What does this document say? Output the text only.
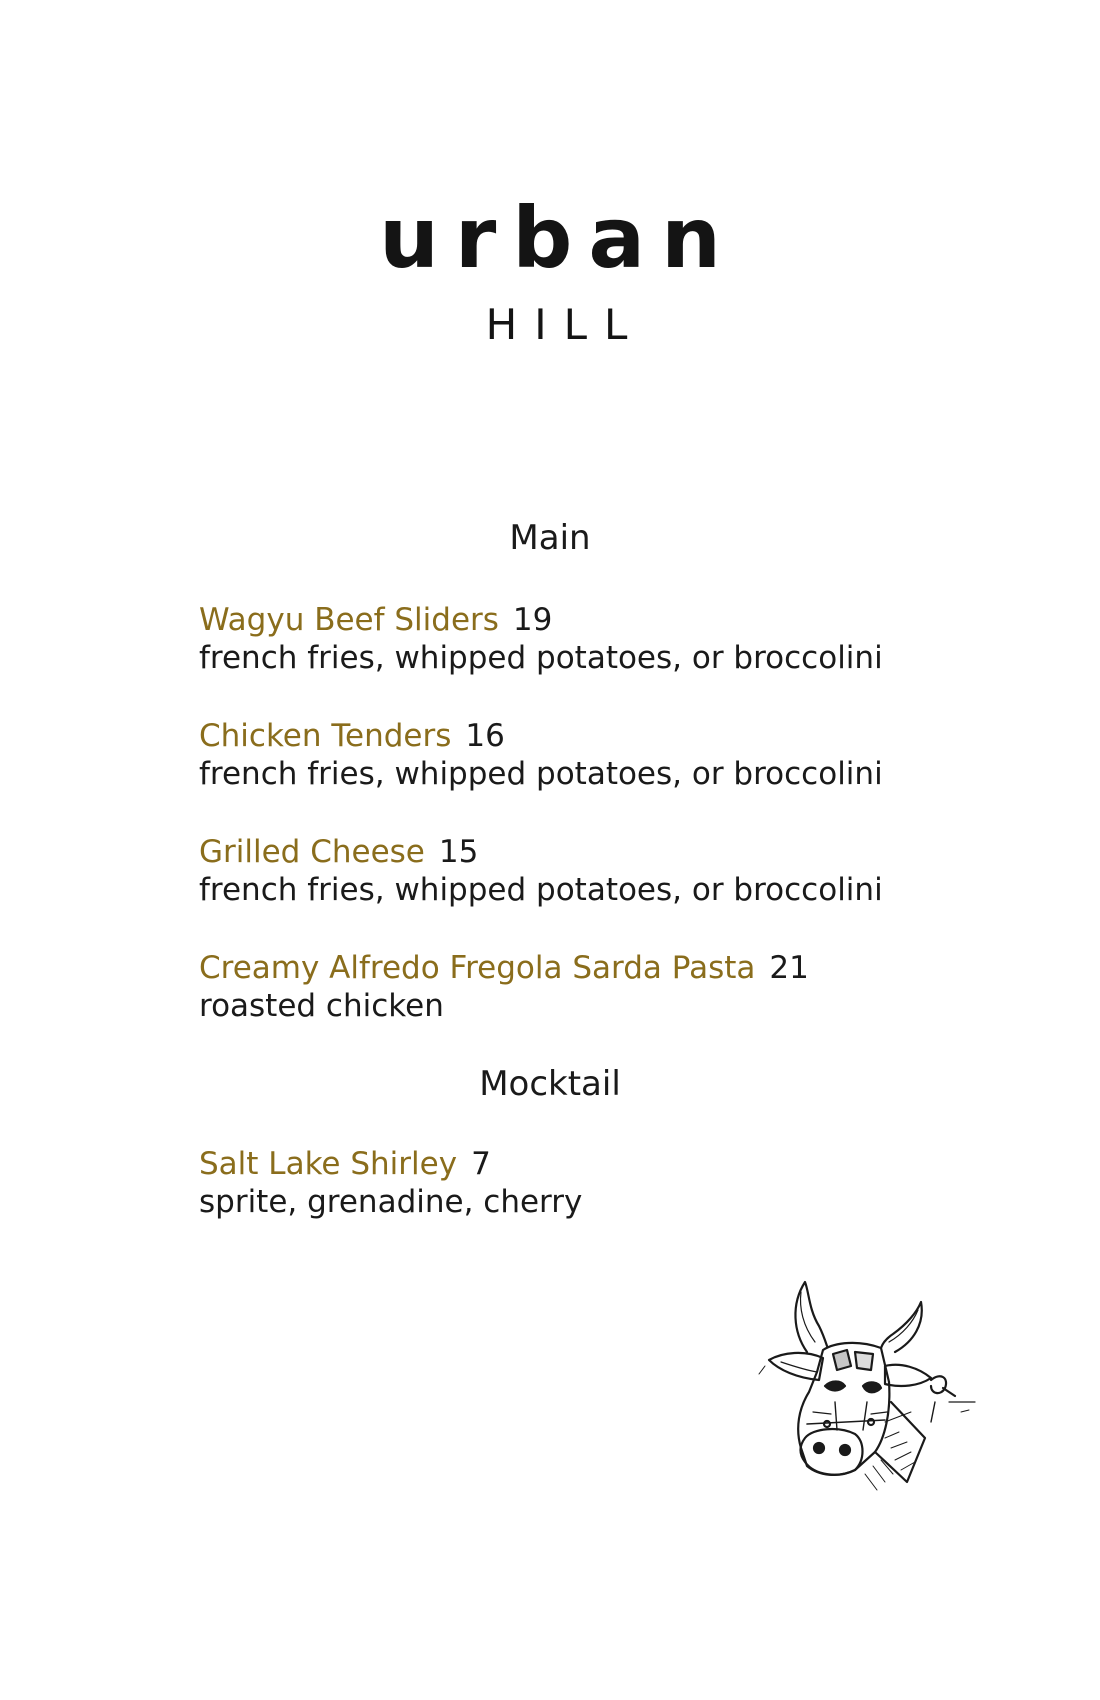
urban
HILL
Main
Wagyu Beef Sliders 19
french fries, whipped potatoes, or broccolini
Chicken Tenders 16
french fries, whipped potatoes, or broccolini
Grilled Cheese 15
french fries, whipped potatoes, or broccolini
Creamy Alfredo Fregola Sarda Pasta 21
roasted chicken
Mocktail
Salt Lake Shirley 7
sprite, grenadine, cherry
